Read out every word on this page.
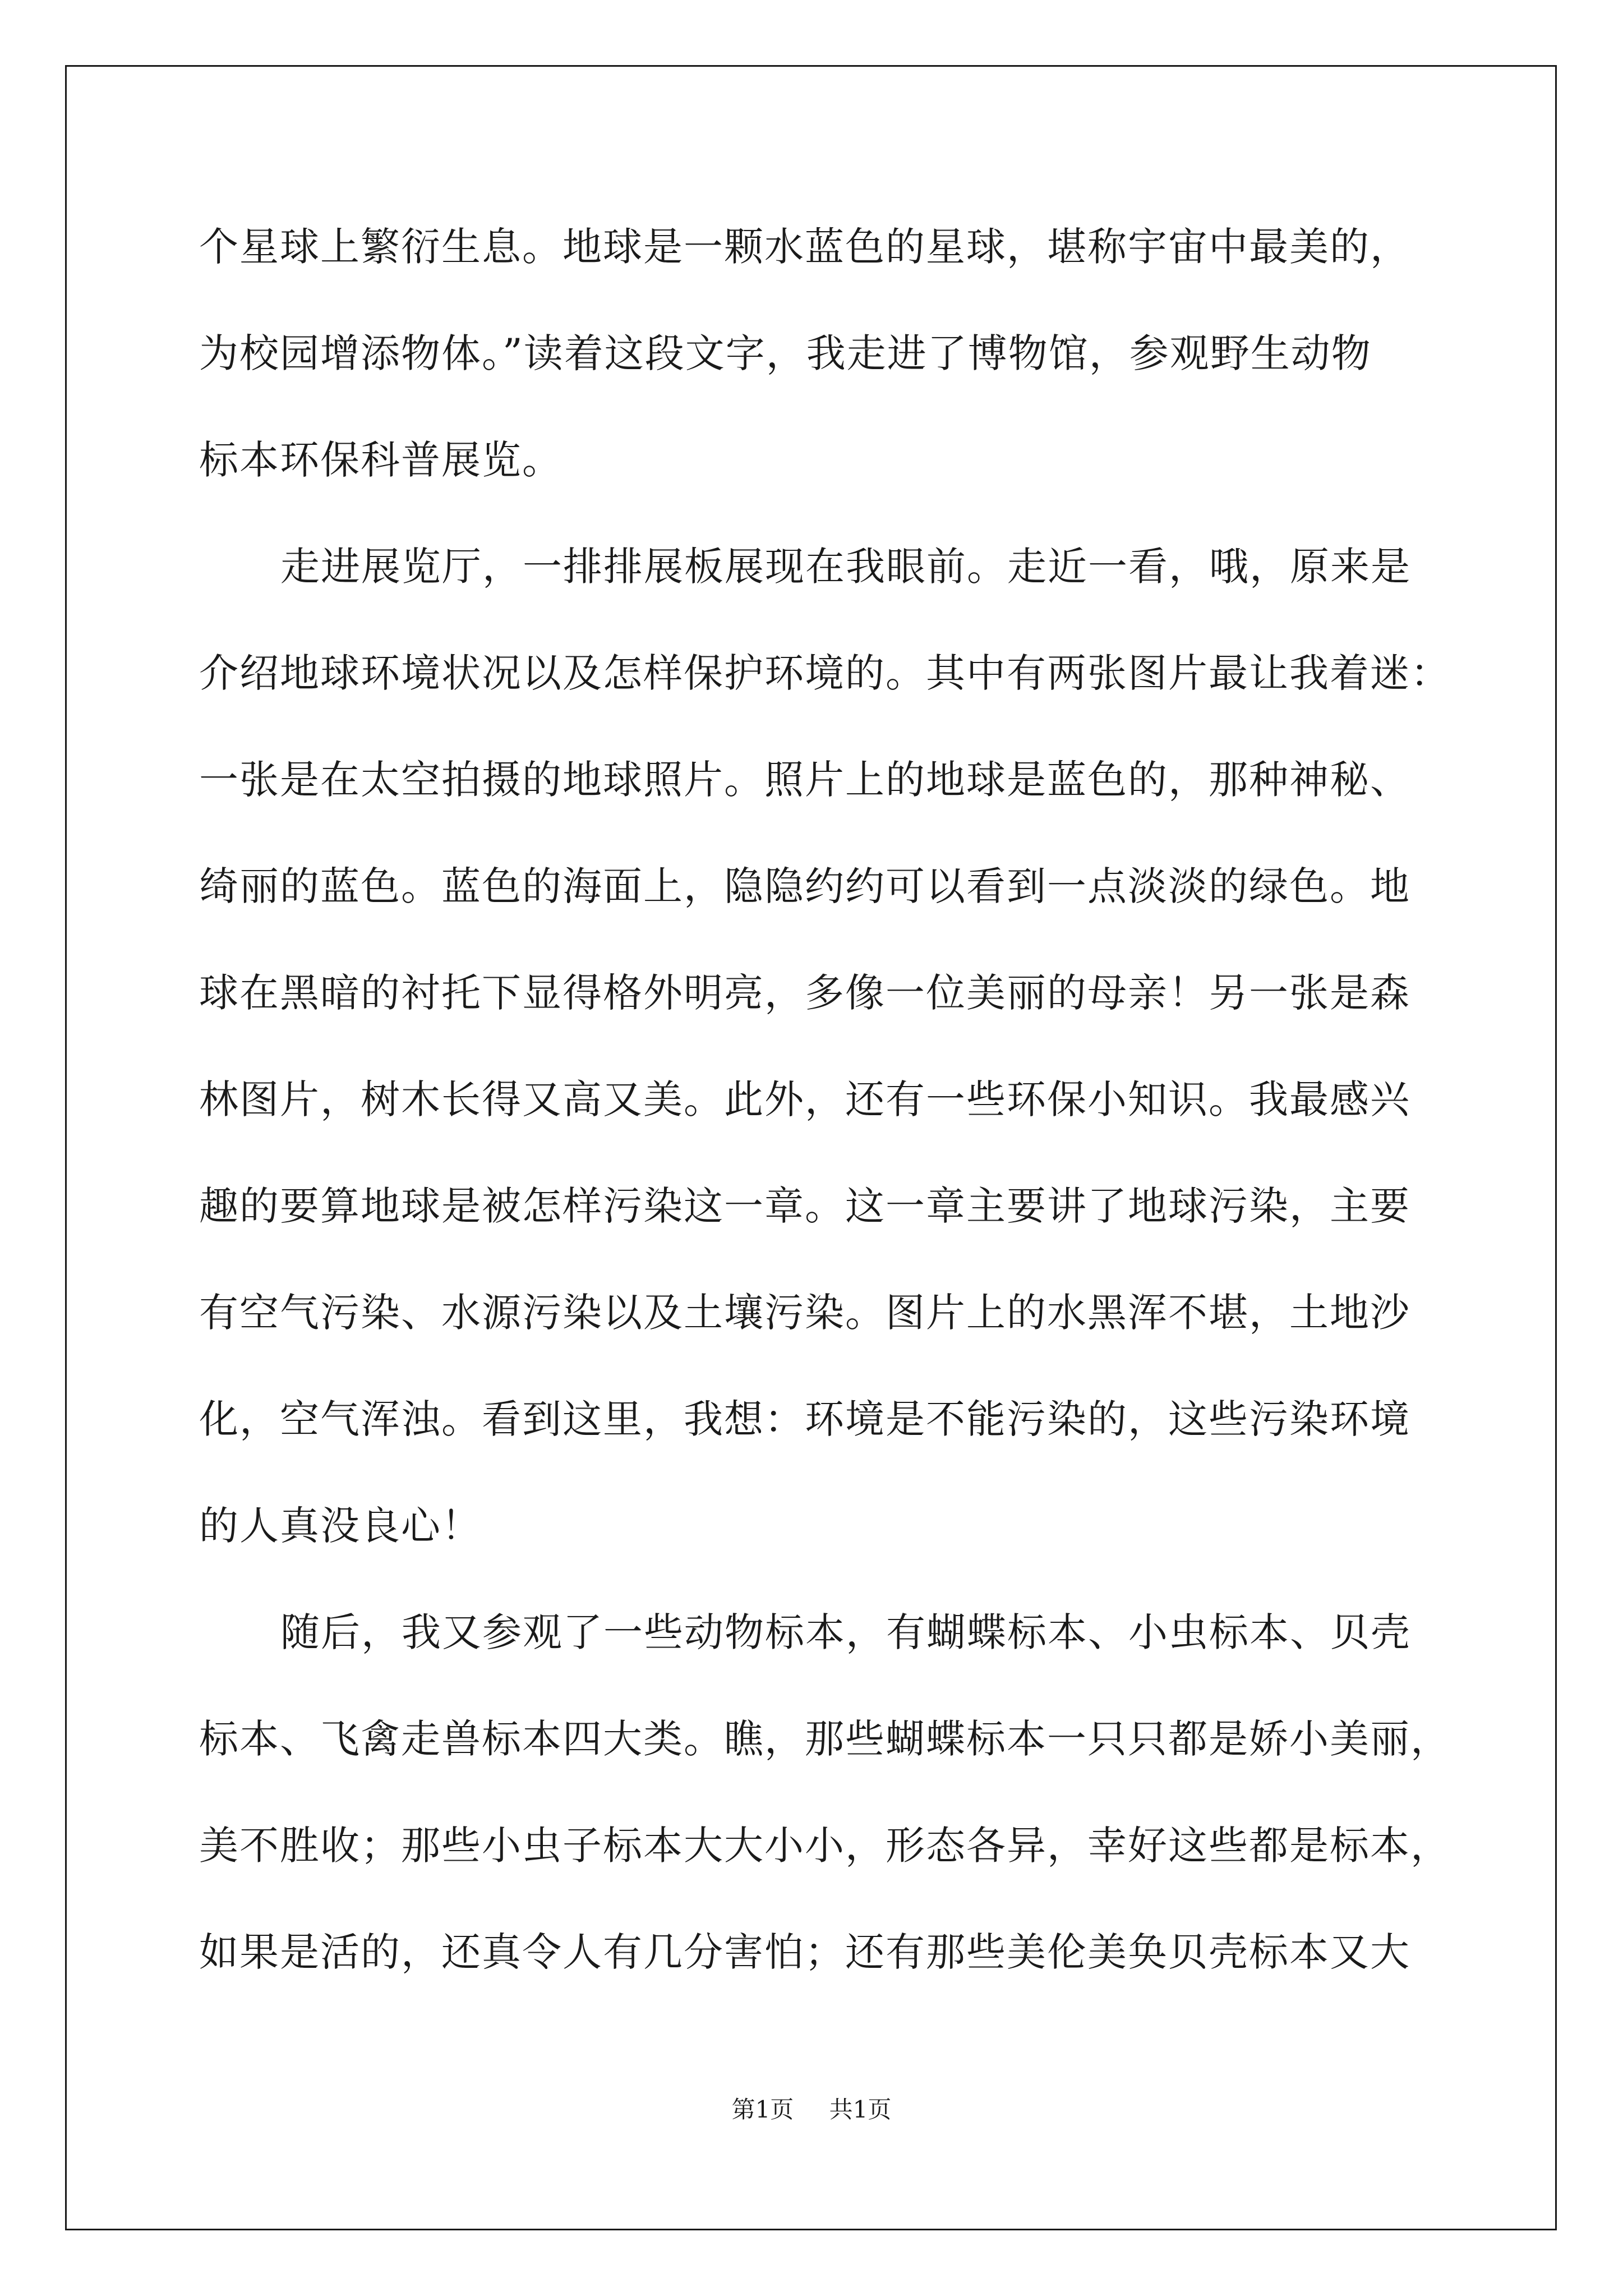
个星球上繁衍生息。地球是一颗水蓝色的星球，堪称宇宙中最美的，
为校园增添物体。”读着这段文字，我走进了博物馆，参观野生动物
标本环保科普展览。
走进展览厅，一排排展板展现在我眼前。走近一看，哦，原来是
介绍地球环境状况以及怎样保护环境的。其中有两张图片最让我着迷：
一张是在太空拍摄的地球照片。照片上的地球是蓝色的，那种神秘、
绮丽的蓝色。蓝色的海面上，隐隐约约可以看到一点淡淡的绿色。地
球在黑暗的衬托下显得格外明亮，多像一位美丽的母亲！另一张是森
林图片，树木长得又高又美。此外，还有一些环保小知识。我最感兴
趣的要算地球是被怎样污染这一章。这一章主要讲了地球污染，主要
有空气污染、水源污染以及土壤污染。图片上的水黑浑不堪，土地沙
化，空气浑浊。看到这里，我想：环境是不能污染的，这些污染环境
的人真没良心！
随后，我又参观了一些动物标本，有蝴蝶标本、小虫标本、贝壳
标本、飞禽走兽标本四大类。瞧，那些蝴蝶标本一只只都是娇小美丽，
美不胜收；那些小虫子标本大大小小，形态各异，幸好这些都是标本，
如果是活的，还真令人有几分害怕；还有那些美伦美奂贝壳标本又大
第1页 共1页
